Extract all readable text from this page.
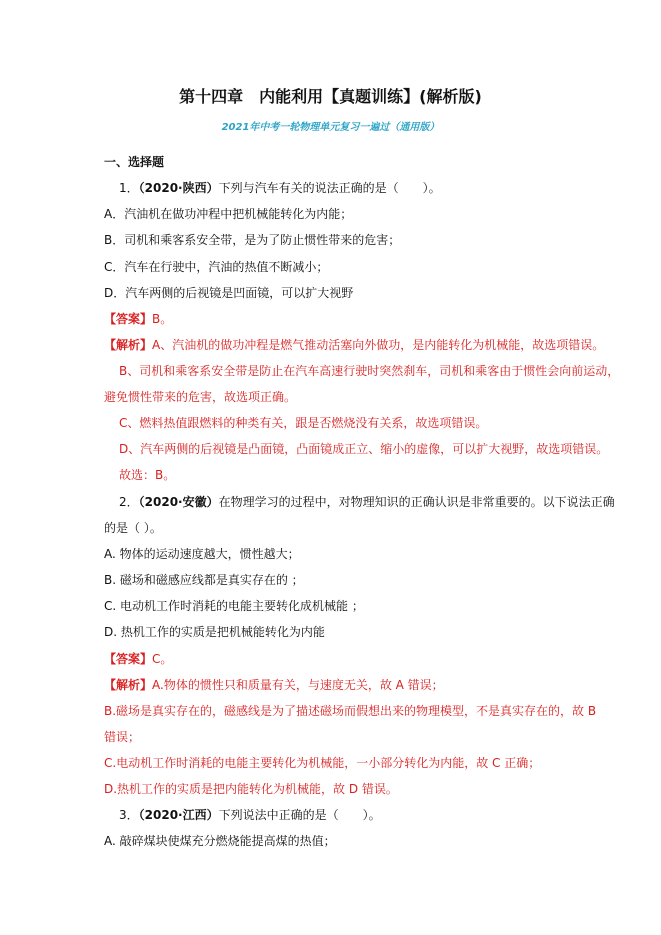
第十四章　内能利用【真题训练】(解析版)
2021年中考一轮物理单元复习一遍过（通用版）
一、选择题
1．（2020·陕西）下列与汽车有关的说法正确的是（　　）。
A．汽油机在做功冲程中把机械能转化为内能；
B．司机和乘客系安全带，是为了防止惯性带来的危害；
C．汽车在行驶中，汽油的热值不断减小；
D．汽车两侧的后视镜是凹面镜，可以扩大视野
【答案】B。
【解析】A、汽油机的做功冲程是燃气推动活塞向外做功，是内能转化为机械能，故选项错误。
B、司机和乘客系安全带是防止在汽车高速行驶时突然刹车，司机和乘客由于惯性会向前运动，
避免惯性带来的危害，故选项正确。
C、燃料热值跟燃料的种类有关，跟是否燃烧没有关系，故选项错误。
D、汽车两侧的后视镜是凸面镜，凸面镜成正立、缩小的虚像，可以扩大视野，故选项错误。
故选：B。
2．（2020·安徽）在物理学习的过程中，对物理知识的正确认识是非常重要的。以下说法正确
的是（ ）。
A. 物体的运动速度越大，惯性越大；
B. 磁场和磁感应线都是真实存在的 ；
C. 电动机工作时消耗的电能主要转化成机械能 ；
D. 热机工作的实质是把机械能转化为内能
【答案】C。
【解析】A.物体的惯性只和质量有关，与速度无关，故 A 错误；
B.磁场是真实存在的，磁感线是为了描述磁场而假想出来的物理模型，不是真实存在的，故 B
错误；
C.电动机工作时消耗的电能主要转化为机械能，一小部分转化为内能，故 C 正确；
D.热机工作的实质是把内能转化为机械能，故 D 错误。
3．（2020·江西）下列说法中正确的是（　　）。
A. 敲碎煤块使煤充分燃烧能提高煤的热值；
